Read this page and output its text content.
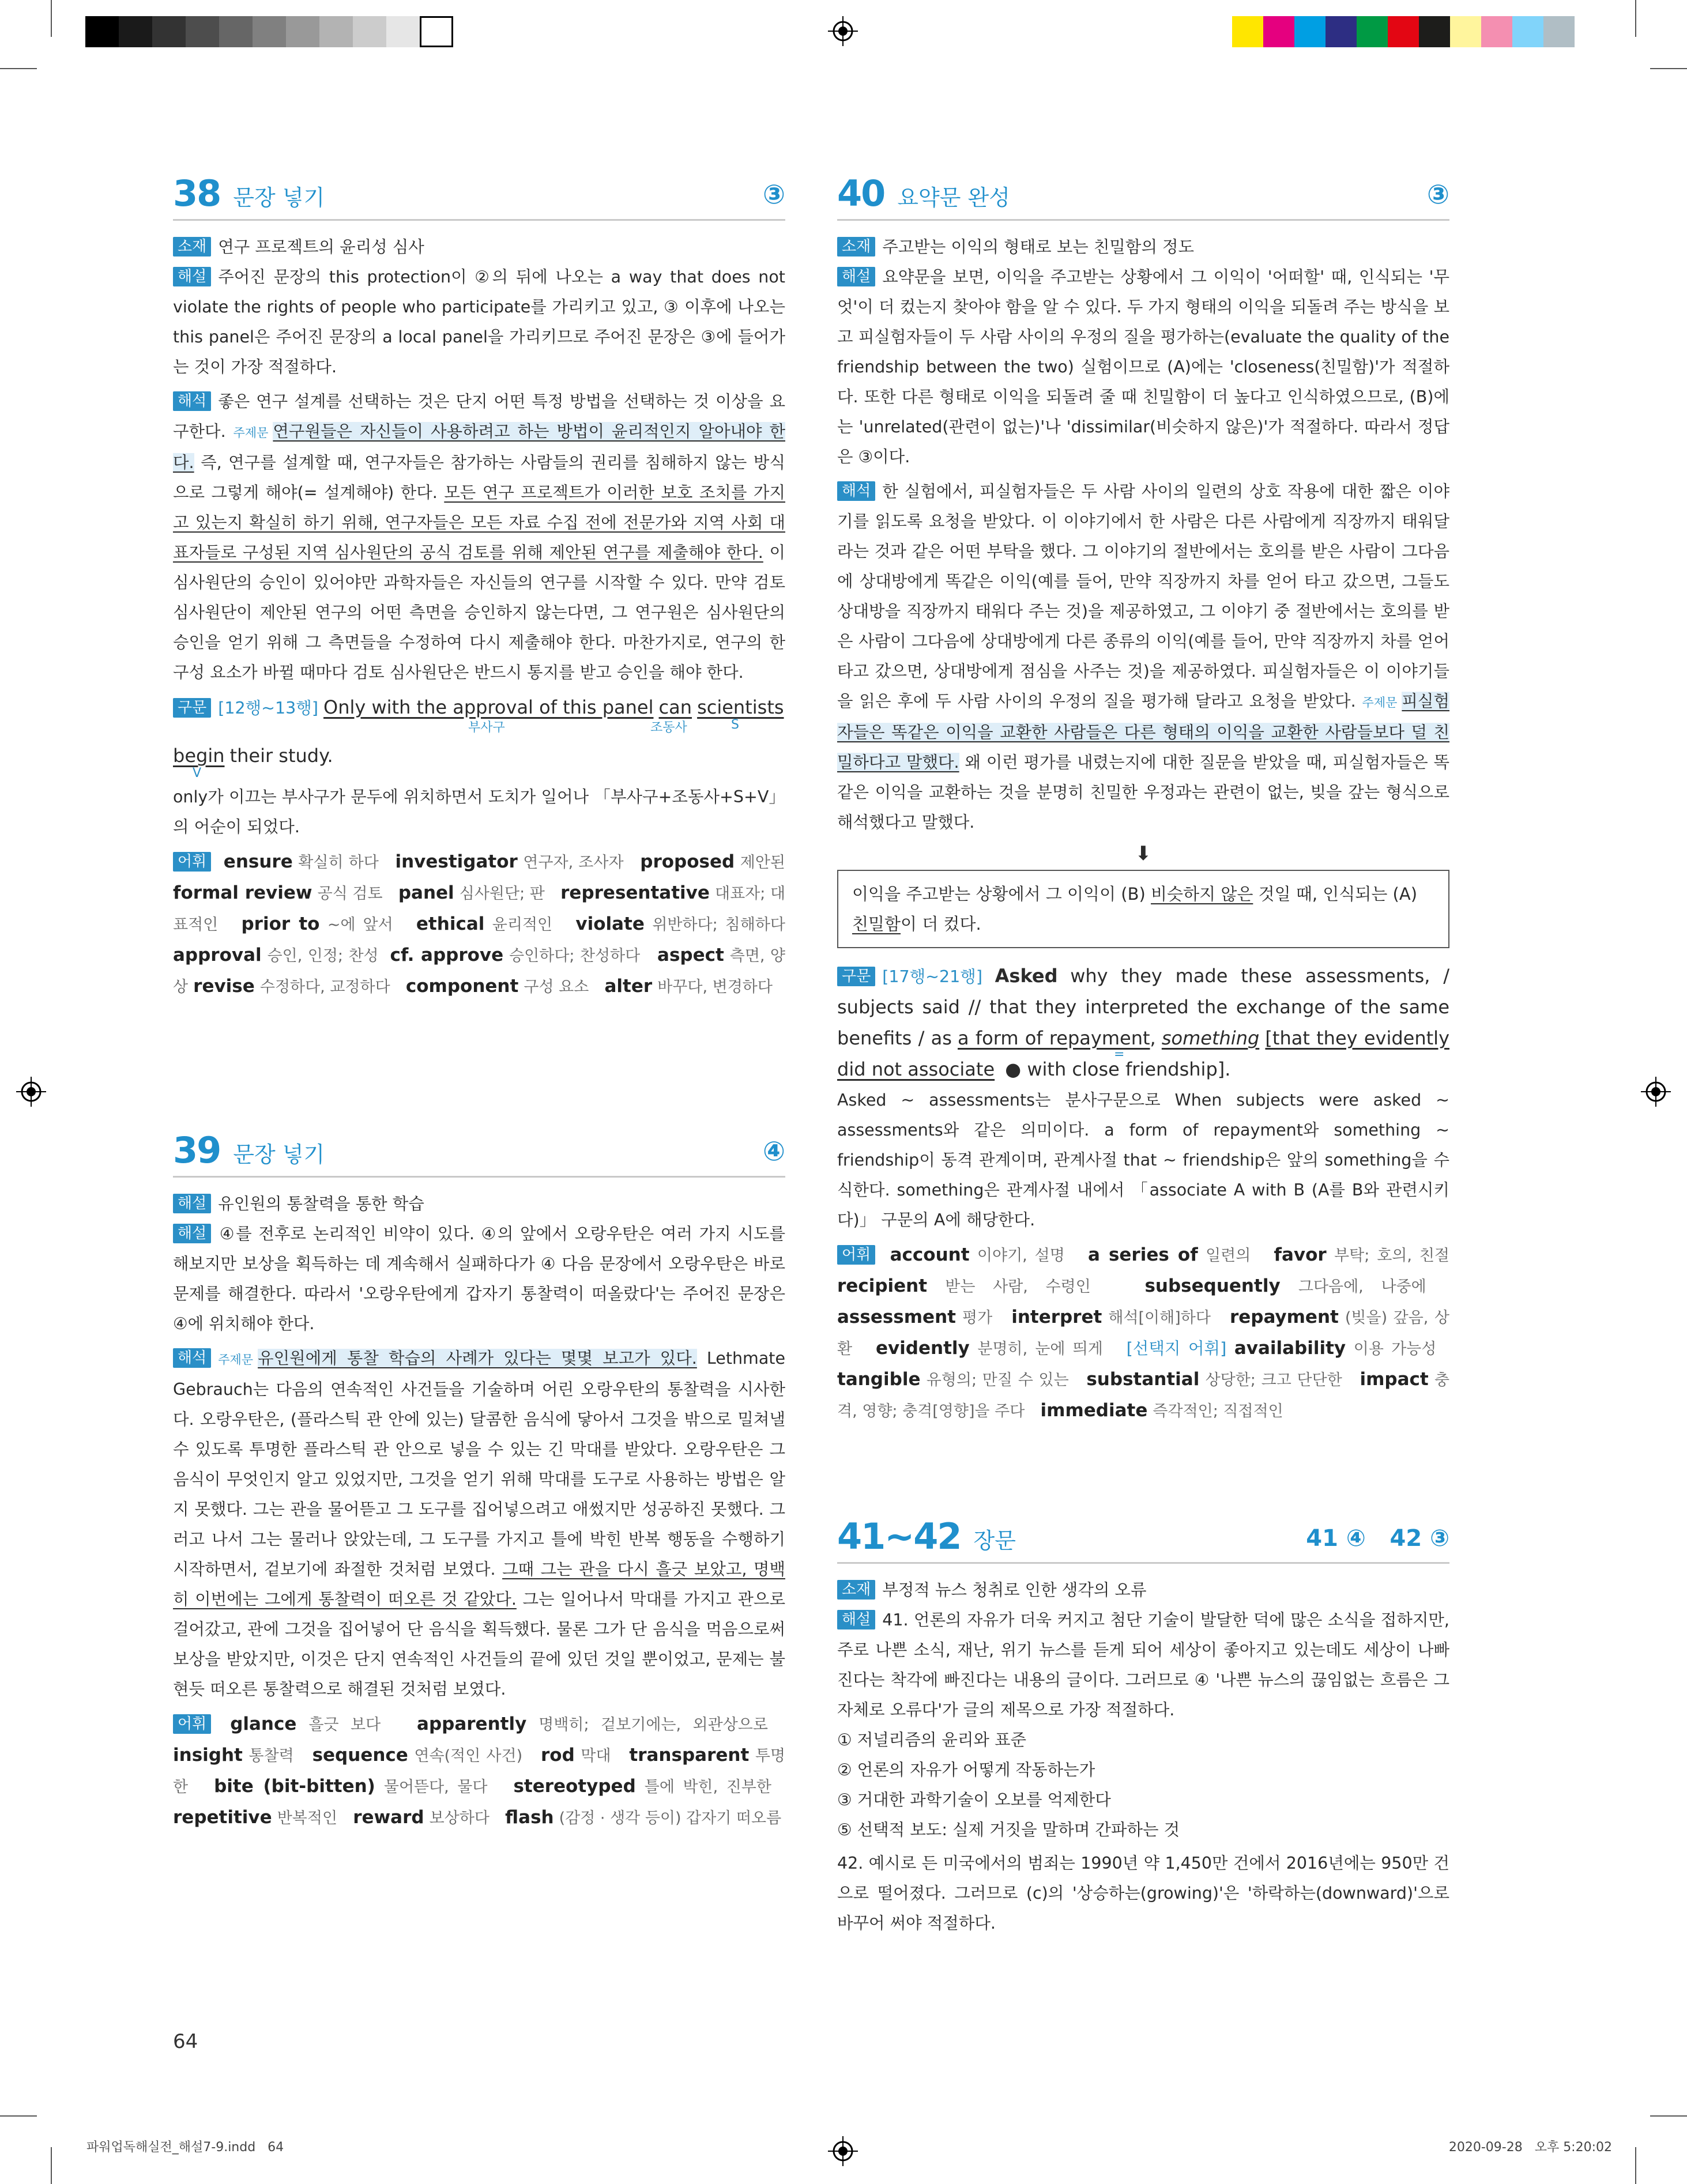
38 문장 넣기	③

소재 연구 프로젝트의 윤리성 심사

해설 주어진 문장의 this protection이 ②의 뒤에 나오는 a way that does not violate the rights of people who participate를 가리키고 있고, ③ 이후에 나오는 this panel은 주어진 문장의 a local panel을 가리키므로 주어진 문장은 ③에 들어가는 것이 가장 적절하다.

해석 좋은 연구 설계를 선택하는 것은 단지 어떤 특정 방법을 선택하는 것 이상을 요구한다. 주제문 연구원들은 자신들이 사용하려고 하는 방법이 윤리적인지 알아내야 한다. 즉, 연구를 설계할 때, 연구자들은 참가하는 사람들의 권리를 침해하지 않는 방식으로 그렇게 해야(= 설계해야) 한다. 모든 연구 프로젝트가 이러한 보호 조치를 가지고 있는지 확실히 하기 위해, 연구자들은 모든 자료 수집 전에 전문가와 지역 사회 대표자들로 구성된 지역 심사원단의 공식 검토를 위해 제안된 연구를 제출해야 한다. 이 심사원단의 승인이 있어야만 과학자들은 자신들의 연구를 시작할 수 있다. 만약 검토 심사원단이 제안된 연구의 어떤 측면을 승인하지 않는다면, 그 연구원은 심사원단의 승인을 얻기 위해 그 측면들을 수정하여 다시 제출해야 한다. 마찬가지로, 연구의 한 구성 요소가 바뀔 때마다 검토 심사원단은 반드시 통지를 받고 승인을 해야 한다.

구문 [12행~13행] Only with the approval of this panel can scientists
부사구	조동사	S
begin their study.
V

only가 이끄는 부사구가 문두에 위치하면서 도치가 일어나 「부사구+조동사+S+V」의 어순이 되었다.

어휘 ensure 확실히 하다 investigator 연구자, 조사자 proposed 제안된 formal review 공식 검토 panel 심사원단; 판 representative 대표자; 대표적인 prior to ~에 앞서 ethical 윤리적인 violate 위반하다; 침해하다 approval 승인, 인정; 찬성 cf. approve 승인하다; 찬성하다 aspect 측면, 양상 revise 수정하다, 교정하다 component 구성 요소 alter 바꾸다, 변경하다

39 문장 넣기	④

해설 유인원의 통찰력을 통한 학습

해설 ④를 전후로 논리적인 비약이 있다. ④의 앞에서 오랑우탄은 여러 가지 시도를 해보지만 보상을 획득하는 데 계속해서 실패하다가 ④ 다음 문장에서 오랑우탄은 바로 문제를 해결한다. 따라서 '오랑우탄에게 갑자기 통찰력이 떠올랐다'는 주어진 문장은 ④에 위치해야 한다.

해석 주제문 유인원에게 통찰 학습의 사례가 있다는 몇몇 보고가 있다. Lethmate Gebrauch는 다음의 연속적인 사건들을 기술하며 어린 오랑우탄의 통찰력을 시사한다. 오랑우탄은, (플라스틱 관 안에 있는) 달콤한 음식에 닿아서 그것을 밖으로 밀쳐낼 수 있도록 투명한 플라스틱 관 안으로 넣을 수 있는 긴 막대를 받았다. 오랑우탄은 그 음식이 무엇인지 알고 있었지만, 그것을 얻기 위해 막대를 도구로 사용하는 방법은 알지 못했다. 그는 관을 물어뜯고 그 도구를 집어넣으려고 애썼지만 성공하진 못했다. 그러고 나서 그는 물러나 앉았는데, 그 도구를 가지고 틀에 박힌 반복 행동을 수행하기 시작하면서, 겉보기에 좌절한 것처럼 보였다. 그때 그는 관을 다시 흘긋 보았고, 명백히 이번에는 그에게 통찰력이 떠오른 것 같았다. 그는 일어나서 막대를 가지고 관으로 걸어갔고, 관에 그것을 집어넣어 단 음식을 획득했다. 물론 그가 단 음식을 먹음으로써 보상을 받았지만, 이것은 단지 연속적인 사건들의 끝에 있던 것일 뿐이었고, 문제는 불현듯 떠오른 통찰력으로 해결된 것처럼 보였다.

어휘 glance 흘긋 보다 apparently 명백히; 겉보기에는, 외관상으로   insight 통찰력 sequence 연속(적인 사건) rod 막대 transparent 투명한 bite (bit-bitten) 물어뜯다, 물다 stereotyped 틀에 박힌, 진부한   repetitive 반복적인 reward 보상하다 flash (감정 · 생각 등이) 갑자기 떠오름

40 요약문 완성	③

소재 주고받는 이익의 형태로 보는 친밀함의 정도

해설 요약문을 보면, 이익을 주고받는 상황에서 그 이익이 '어떠할' 때, 인식되는 '무엇'이 더 컸는지 찾아야 함을 알 수 있다. 두 가지 형태의 이익을 되돌려 주는 방식을 보고 피실험자들이 두 사람 사이의 우정의 질을 평가하는(evaluate the quality of the friendship between the two) 실험이므로 (A)에는 'closeness(친밀함)'가 적절하다. 또한 다른 형태로 이익을 되돌려 줄 때 친밀함이 더 높다고 인식하였으므로, (B)에는 'unrelated(관련이 없는)'나 'dissimilar(비슷하지 않은)'가 적절하다. 따라서 정답은 ③이다.

해석 한 실험에서, 피실험자들은 두 사람 사이의 일련의 상호 작용에 대한 짧은 이야기를 읽도록 요청을 받았다. 이 이야기에서 한 사람은 다른 사람에게 직장까지 태워달라는 것과 같은 어떤 부탁을 했다. 그 이야기의 절반에서는 호의를 받은 사람이 그다음에 상대방에게 똑같은 이익(예를 들어, 만약 직장까지 차를 얻어 타고 갔으면, 그들도 상대방을 직장까지 태워다 주는 것)을 제공하였고, 그 이야기 중 절반에서는 호의를 받은 사람이 그다음에 상대방에게 다른 종류의 이익(예를 들어, 만약 직장까지 차를 얻어 타고 갔으면, 상대방에게 점심을 사주는 것)을 제공하였다. 피실험자들은 이 이야기들을 읽은 후에 두 사람 사이의 우정의 질을 평가해 달라고 요청을 받았다. 주제문 피실험자들은 똑같은 이익을 교환한 사람들은 다른 형태의 이익을 교환한 사람들보다 덜 친밀하다고 말했다. 왜 이런 평가를 내렸는지에 대한 질문을 받았을 때, 피실험자들은 똑같은 이익을 교환하는 것을 분명히 친밀한 우정과는 관련이 없는, 빚을 갚는 형식으로 해석했다고 말했다.

⬇
이익을 주고받는 상황에서 그 이익이 (B) 비슷하지 않은 것일 때, 인식되는 (A) 친밀함이 더 컸다.

구문 [17행~21행] Asked why they made these assessments, / subjects said // that they interpreted the exchange of the same benefits / as a form of repayment, something [that they evidently did not associate ● with close friendship].

=

Asked ~ assessments는 분사구문으로 When subjects were asked ~ assessments와 같은 의미이다. a form of repayment와 something ~ friendship이 동격 관계이며, 관계사절 that ~ friendship은 앞의 something을 수식한다. something은 관계사절 내에서 「associate A with B (A를 B와 관련시키다)」 구문의 A에 해당한다.

어휘 account 이야기, 설명 a series of 일련의 favor 부탁; 호의, 친절 recipient 받는 사람, 수령인	subsequently 그다음에, 나중에   assessment 평가 interpret 해석[이해]하다 repayment (빚을) 갚음, 상환 evidently 분명히, 눈에 띄게 [선택지 어휘] availability 이용 가능성   tangible 유형의; 만질 수 있는 substantial 상당한; 크고 단단한 impact 충격, 영향; 충격[영향]을 주다 immediate 즉각적인; 직접적인

41~42 장문	41 ④   42 ③

소재 부정적 뉴스 청취로 인한 생각의 오류

해설 41. 언론의 자유가 더욱 커지고 첨단 기술이 발달한 덕에 많은 소식을 접하지만, 주로 나쁜 소식, 재난, 위기 뉴스를 듣게 되어 세상이 좋아지고 있는데도 세상이 나빠진다는 착각에 빠진다는 내용의 글이다. 그러므로 ④ '나쁜 뉴스의 끊임없는 흐름은 그 자체로 오류다'가 글의 제목으로 가장 적절하다.

① 저널리즘의 윤리와 표준

② 언론의 자유가 어떻게 작동하는가

③ 거대한 과학기술이 오보를 억제한다

⑤ 선택적 보도: 실제 거짓을 말하며 간파하는 것

42. 예시로 든 미국에서의 범죄는 1990년 약 1,450만 건에서 2016년에는 950만 건으로 떨어졌다. 그러므로 (c)의 '상승하는(growing)'은 '하락하는(downward)'으로 바꾸어 써야 적절하다.

64
파워업독해실전_해설7-9.indd   64	2020-09-28   오후 5:20:02
